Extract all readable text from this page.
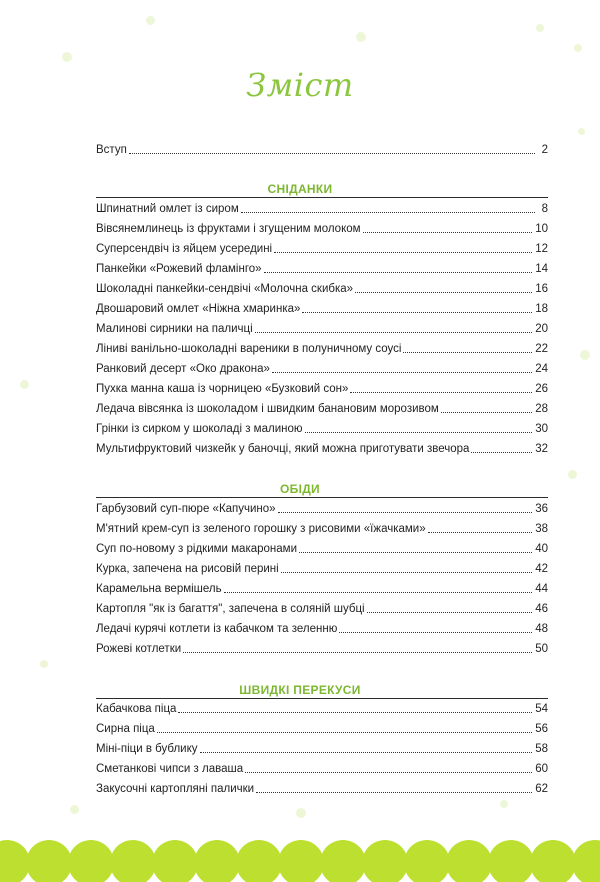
Зміст
Вступ	2
СНІДАНКИ
Шпинатний омлет із сиром	8
Вівсянемлинець із фруктами і згущеним молоком	10
Суперсендвіч із яйцем усередині	12
Панкейки «Рожевий фламінго»	14
Шоколадні панкейки-сендвічі «Молочна скибка»	16
Двошаровий омлет «Ніжна хмаринка»	18
Малинові сирники на паличці	20
Ліниві ванільно-шоколадні вареники в полуничному соусі	22
Ранковий десерт «Око дракона»	24
Пухка манна каша із чорницею «Бузковий сон»	26
Ледача вівсянка із шоколадом і швидким банановим морозивом	28
Грінки із сирком у шоколаді з малиною	30
Мультифруктовий чизкейк у баночці, який можна приготувати звечора	32
ОБІДИ
Гарбузовий суп-пюре «Капучино»	36
М'ятний крем-суп із зеленого горошку з рисовими «їжачками»	38
Суп по-новому з рідкими макаронами	40
Курка, запечена на рисовій перині	42
Карамельна вермішель	44
Картопля "як із багаття", запечена в соляній шубці	46
Ледачі курячі котлети із кабачком та зеленню	48
Рожеві котлетки	50
ШВИДКІ ПЕРЕКУСИ
Кабачкова піца	54
Сирна піца	56
Міні-піци в бублику	58
Сметанкові чипси з лаваша	60
Закусочні картопляні палички	62
